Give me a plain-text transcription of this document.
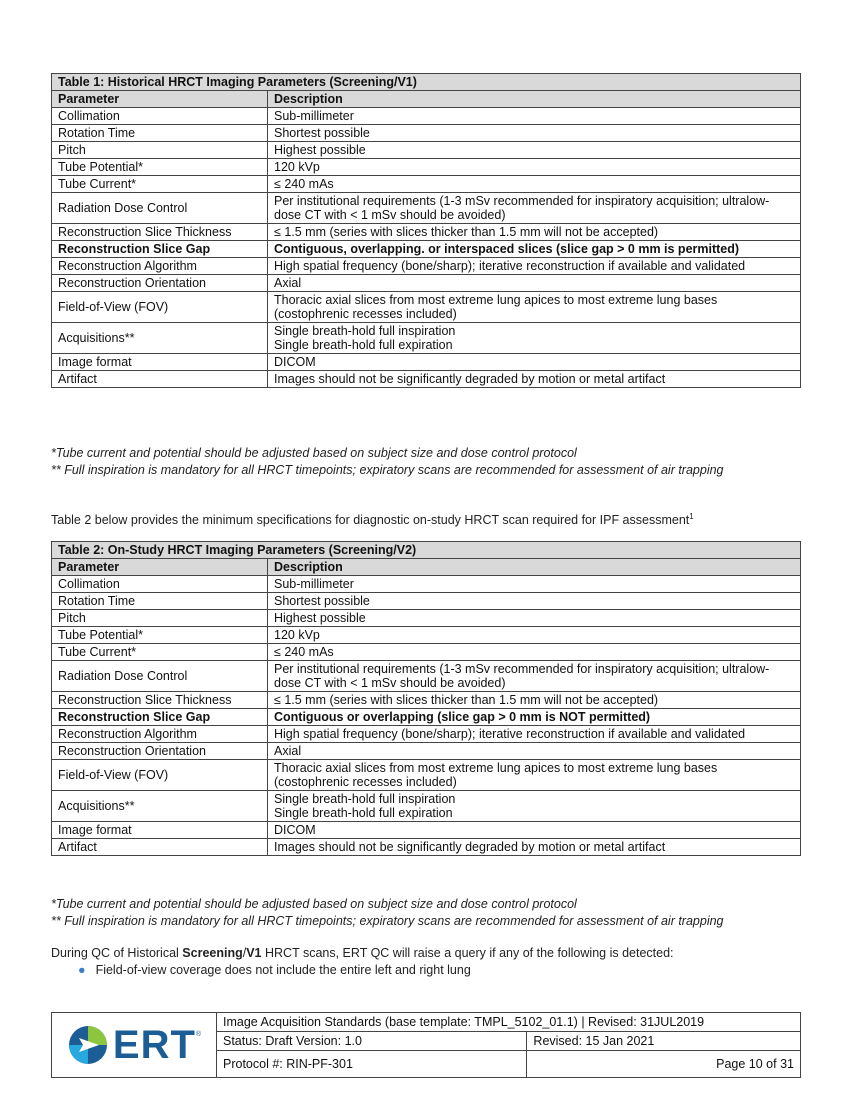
Table 1: Historical HRCT Imaging Parameters (Screening/V1)	
Parameter	Description
Collimation	Sub-millimeter
Rotation Time	Shortest possible
Pitch	Highest possible
Tube Potential*	120 kVp
Tube Current*	≤ 240 mAs
Radiation Dose Control	Per institutional requirements (1-3 mSv recommended for inspiratory acquisition; ultralow-dose CT with < 1 mSv should be avoided)
Reconstruction Slice Thickness	≤ 1.5 mm (series with slices thicker than 1.5 mm will not be accepted)
Reconstruction Slice Gap	Contiguous, overlapping. or interspaced slices (slice gap > 0 mm is permitted)
Reconstruction Algorithm	High spatial frequency (bone/sharp); iterative reconstruction if available and validated
Reconstruction Orientation	Axial
Field-of-View (FOV)	Thoracic axial slices from most extreme lung apices to most extreme lung bases (costophrenic recesses included)
Acquisitions**	Single breath-hold full inspiration
Single breath-hold full expiration
Image format	DICOM
Artifact	Images should not be significantly degraded by motion or metal artifact
*Tube current and potential should be adjusted based on subject size and dose control protocol
** Full inspiration is mandatory for all HRCT timepoints; expiratory scans are recommended for assessment of air trapping
Table 2 below provides the minimum specifications for diagnostic on-study HRCT scan required for IPF assessment$^1$
Table 2: On-Study HRCT Imaging Parameters (Screening/V2)	
Parameter	Description
Collimation	Sub-millimeter
Rotation Time	Shortest possible
Pitch	Highest possible
Tube Potential*	120 kVp
Tube Current*	≤ 240 mAs
Radiation Dose Control	Per institutional requirements (1-3 mSv recommended for inspiratory acquisition; ultralow-dose CT with < 1 mSv should be avoided)
Reconstruction Slice Thickness	≤ 1.5 mm (series with slices thicker than 1.5 mm will not be accepted)
Reconstruction Slice Gap	Contiguous or overlapping (slice gap > 0 mm is NOT permitted)
Reconstruction Algorithm	High spatial frequency (bone/sharp); iterative reconstruction if available and validated
Reconstruction Orientation	Axial
Field-of-View (FOV)	Thoracic axial slices from most extreme lung apices to most extreme lung bases (costophrenic recesses included)
Acquisitions**	Single breath-hold full inspiration
Single breath-hold full expiration
Image format	DICOM
Artifact	Images should not be significantly degraded by motion or metal artifact
*Tube current and potential should be adjusted based on subject size and dose control protocol
** Full inspiration is mandatory for all HRCT timepoints; expiratory scans are recommended for assessment of air trapping
During QC of Historical Screening/V1 HRCT scans, ERT QC will raise a query if any of the following is detected:
● Field-of-view coverage does not include the entire left and right lung
ERT ®	Image Acquisition Standards (base template: TMPL_5102_01.1) | Revised: 31JUL2019	
	Status: Draft Version: 1.0	Revised: 15 Jan 2021
	Protocol #: RIN-PF-301	Page 10 of 31
